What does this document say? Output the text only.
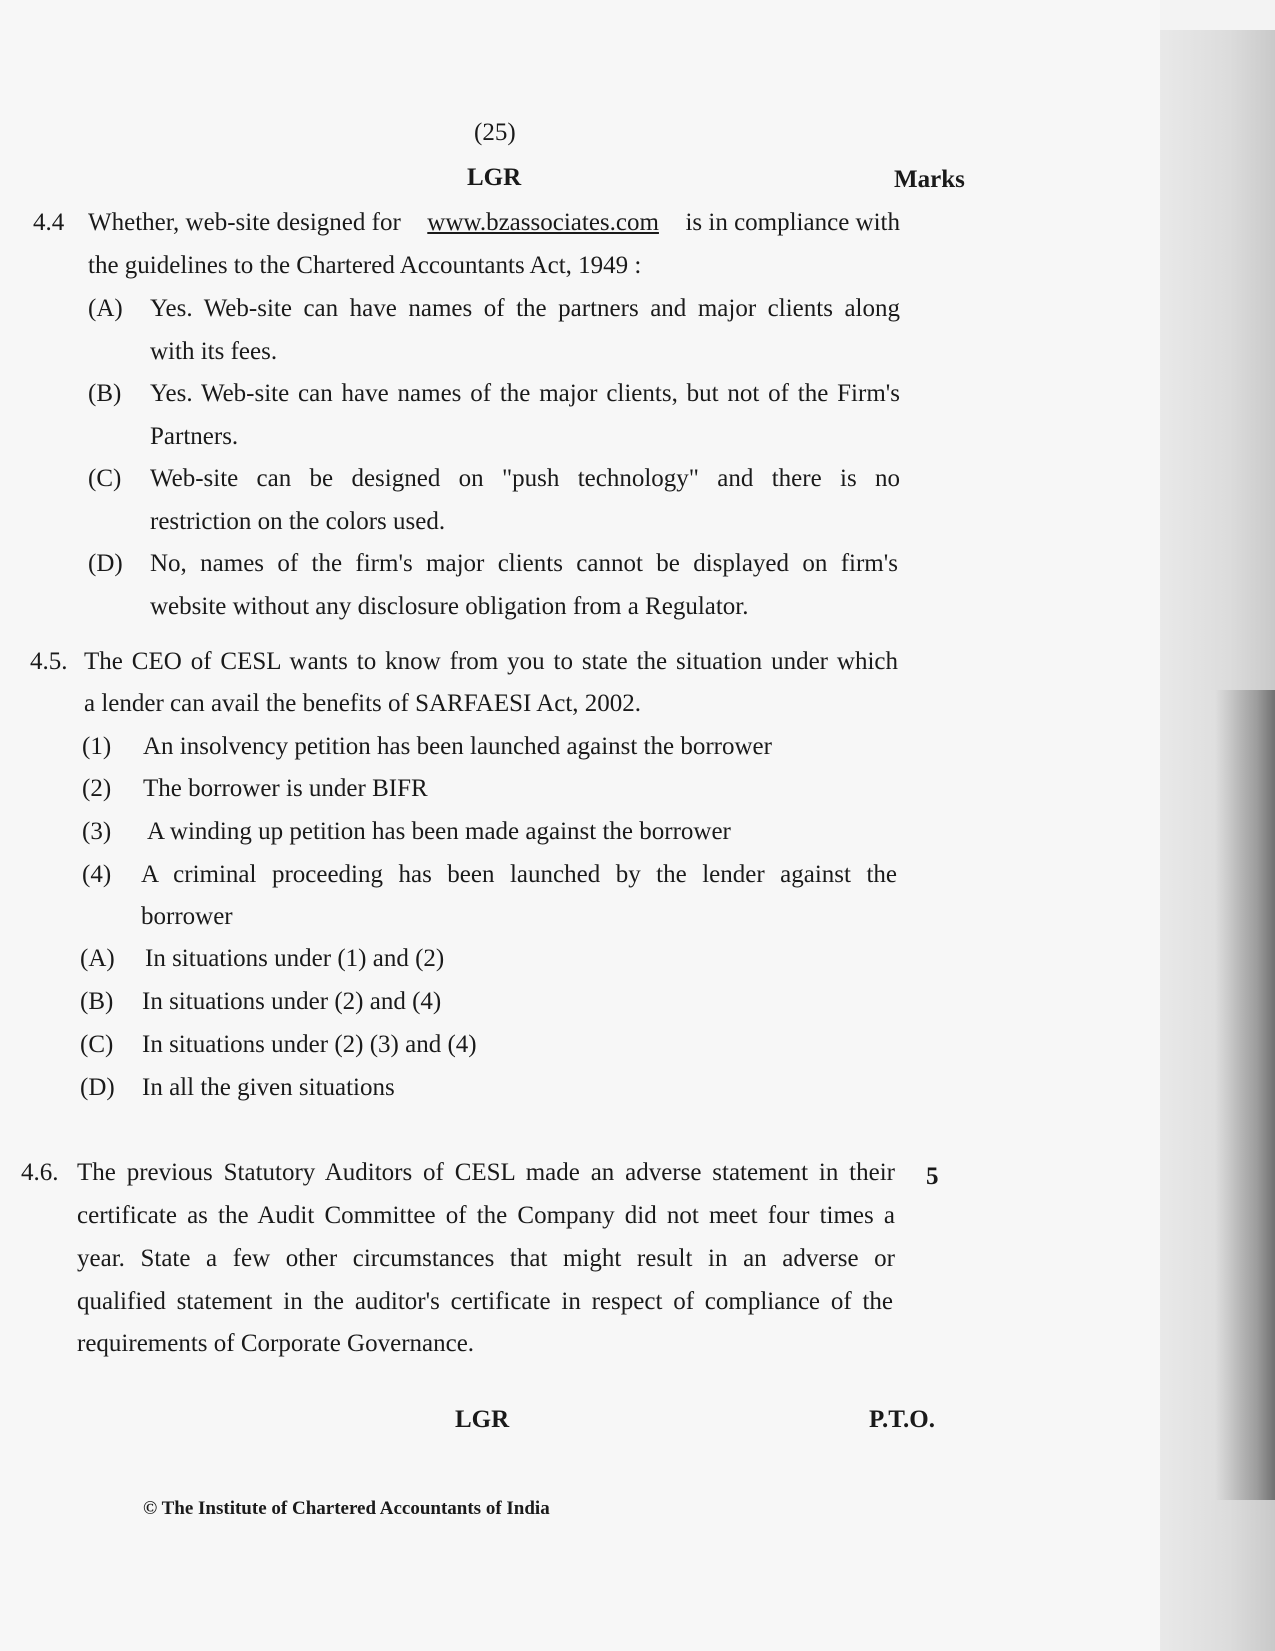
(25)
LGR	Marks
4.4 Whether, web-site designed for www.bzassociates.com is in compliance with
the guidelines to the Chartered Accountants Act, 1949 :
(A) Yes. Web-site can have names of the partners and major clients along
with its fees.
(B) Yes. Web-site can have names of the major clients, but not of the Firm's
Partners.
(C) Web-site can be designed on "push technology" and there is no
restriction on the colors used.
(D) No, names of the firm's major clients cannot be displayed on firm's
website without any disclosure obligation from a Regulator.
4.5. The CEO of CESL wants to know from you to state the situation under which
a lender can avail the benefits of SARFAESI Act, 2002.
(1) An insolvency petition has been launched against the borrower
(2) The borrower is under BIFR
(3) A winding up petition has been made against the borrower
(4) A criminal proceeding has been launched by the lender against the
borrower
(A) In situations under (1) and (2)
(B) In situations under (2) and (4)
(C) In situations under (2) (3) and (4)
(D) In all the given situations
4.6.	5
The previous Statutory Auditors of CESL made an adverse statement in their
certificate as the Audit Committee of the Company did not meet four times a
year. State a few other circumstances that might result in an adverse or
qualified statement in the auditor's certificate in respect of compliance of the
requirements of Corporate Governance.
LGR	P.T.O.
© The Institute of Chartered Accountants of India
